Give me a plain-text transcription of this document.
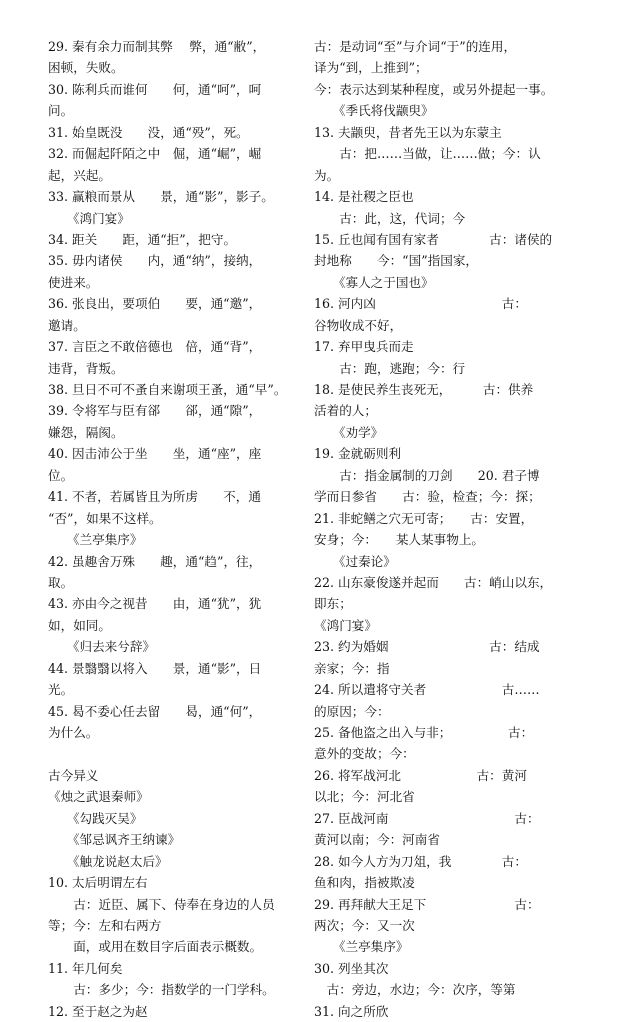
29. 秦有余力而制其弊　 弊，通“敝”，
困顿，失败。
30. 陈利兵而谁何　　何，通“呵”，呵
问。
31. 始皇既没　　没，通“殁”，死。
32. 而倔起阡陌之中　倔，通“崛”，崛
起，兴起。
33. 赢粮而景从　　景，通“影”，影子。
　　《鸿门宴》
34. 距关　　距，通“拒”，把守。
35. 毋内诸侯　　内，通“纳”，接纳，
使进来。
36. 张良出，要项伯　　要，通“邀”，
邀请。
37. 言臣之不敢倍德也　倍，通“背”，
违背，背叛。
38. 旦日不可不蚤自来谢项王蚤，通“早”。
39. 令将军与臣有郤　　郤，通“隙”，
嫌怨，隔阂。
40. 因击沛公于坐　　坐，通“座”，座
位。
41. 不者，若属皆且为所虏　　不，通
“否”，如果不这样。
　　《兰亭集序》
42. 虽趣舍万殊　　趣，通“趋”，往，
取。
43. 亦由今之视昔　　由，通“犹”，犹
如，如同。
　　《归去来兮辞》
44. 景翳翳以将入　　景，通“影”，日
光。
45. 曷不委心任去留　　曷，通“何”，
为什么。
古今异义
《烛之武退秦师》
　　《勾践灭吴》
　　《邹忌讽齐王纳谏》
　　《触龙说赵太后》
10. 太后明谓左右
　　古：近臣、属下、侍奉在身边的人员
等；今：左和右两方
　　面，或用在数目字后面表示概数。
11. 年几何矣
　　古：多少；今：指数学的一门学科。
12. 至于赵之为赵
古：是动词“至”与介词“于”的连用，
译为“到，上推到”；
今：表示达到某种程度，或另外提起一事。
　　《季氏将伐颛臾》
13. 夫颛臾，昔者先王以为东蒙主
　　古：把……当做，让……做；今：认
为。
14. 是社稷之臣也
　　古：此，这，代词；今
15. 丘也闻有国有家者　　　　古：诸侯的
封地称　　今：“国”指国家，
　　《寡人之于国也》
16. 河内凶　　　　　　　　　　古：
谷物收成不好，
17. 弃甲曳兵而走
　　古：跑，逃跑；今：行
18. 是使民养生丧死无，　　　古：供养
活着的人；
　　《劝学》
19. 金就砺则利
　　古：指金属制的刀剑　　20. 君子博
学而日参省　　古：验，检查；今：探；
21. 非蛇鳝之穴无可寄；　　古：安置，
安身；今：　　某人某事物上。
　　《过秦论》
22. 山东豪俊遂并起而　　古：峭山以东，
即东；
《鸿门宴》
23. 约为婚姻　　　　　　　　古：结成
亲家；今：指
24. 所以遣将守关者　　　　　　古……
的原因；今：
25. 备他盗之出入与非；　　　　　古：
意外的变故；今：
26. 将军战河北　　　　　　古：黄河
以北；今：河北省
27. 臣战河南　　　　　　　　　　古：
黄河以南；今：河南省
28. 如今人方为刀俎，我　　　　古：
鱼和肉，指被欺凌
29. 再拜献大王足下　　　　　　　古：
两次；今：又一次
　　《兰亭集序》
30. 列坐其次
　古：旁边，水边；今：次序，等第
31. 向之所欣
